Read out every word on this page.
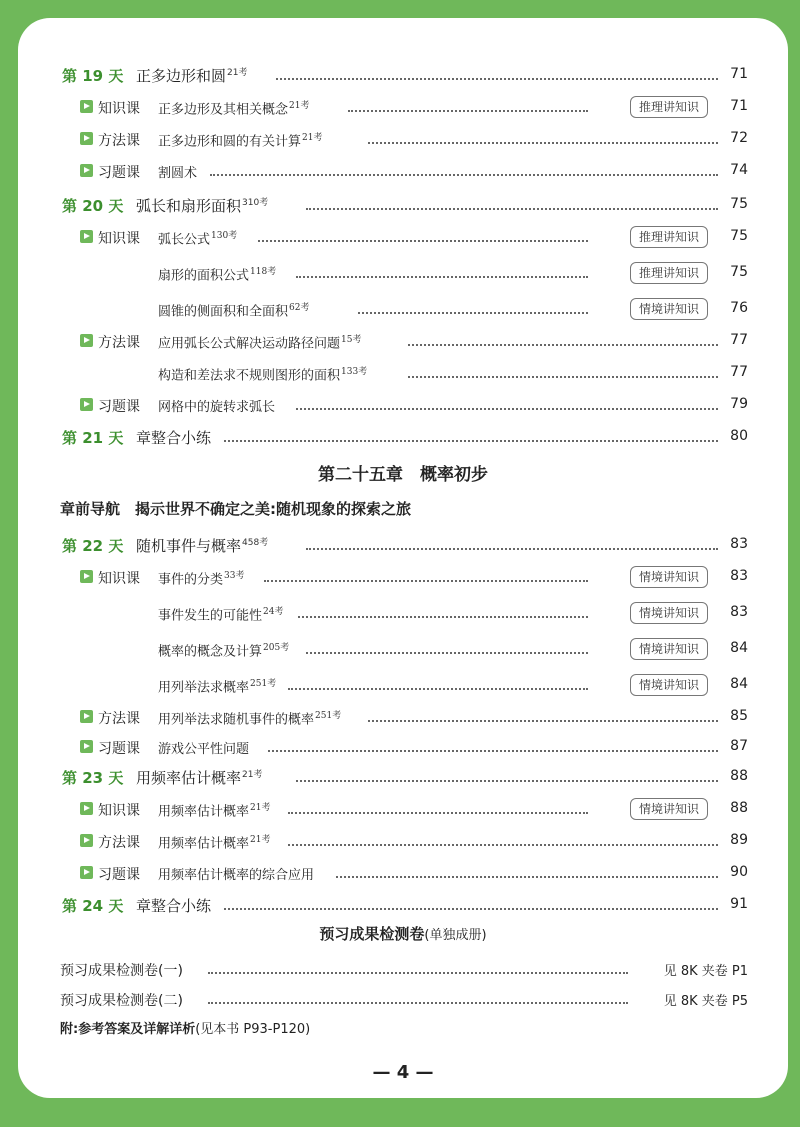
第 19 天 正多边形和圆$^{21考}$	71
知识课 正多边形及其相关概念$^{21考}$	推理讲知识	71
方法课 正多边形和圆的有关计算$^{21考}$	72
习题课 割圆术	74
第 20 天 弧长和扇形面积$^{310考}$	75
知识课 弧长公式$^{130考}$	推理讲知识	75
扇形的面积公式$^{118考}$	推理讲知识	75
圆锥的侧面积和全面积$^{62考}$	情境讲知识	76
方法课 应用弧长公式解决运动路径问题$^{15考}$	77
构造和差法求不规则图形的面积$^{133考}$	77
习题课 网格中的旋转求弧长	79
第 21 天 章整合小练	80
第二十五章　概率初步
章前导航　揭示世界不确定之美:随机现象的探索之旅
第 22 天 随机事件与概率$^{458考}$	83
知识课 事件的分类$^{33考}$	情境讲知识	83
事件发生的可能性$^{24考}$	情境讲知识	83
概率的概念及计算$^{205考}$	情境讲知识	84
用列举法求概率$^{251考}$	情境讲知识	84
方法课 用列举法求随机事件的概率$^{251考}$	85
习题课 游戏公平性问题	87
第 23 天 用频率估计概率$^{21考}$	88
知识课 用频率估计概率$^{21考}$	情境讲知识	88
方法课 用频率估计概率$^{21考}$	89
习题课 用频率估计概率的综合应用	90
第 24 天 章整合小练	91
预习成果检测卷(单独成册)
预习成果检测卷(一)	见 8K 夹卷 P1
预习成果检测卷(二)	见 8K 夹卷 P5
附:参考答案及详解详析(见本书 P93-P120)
— 4 —
